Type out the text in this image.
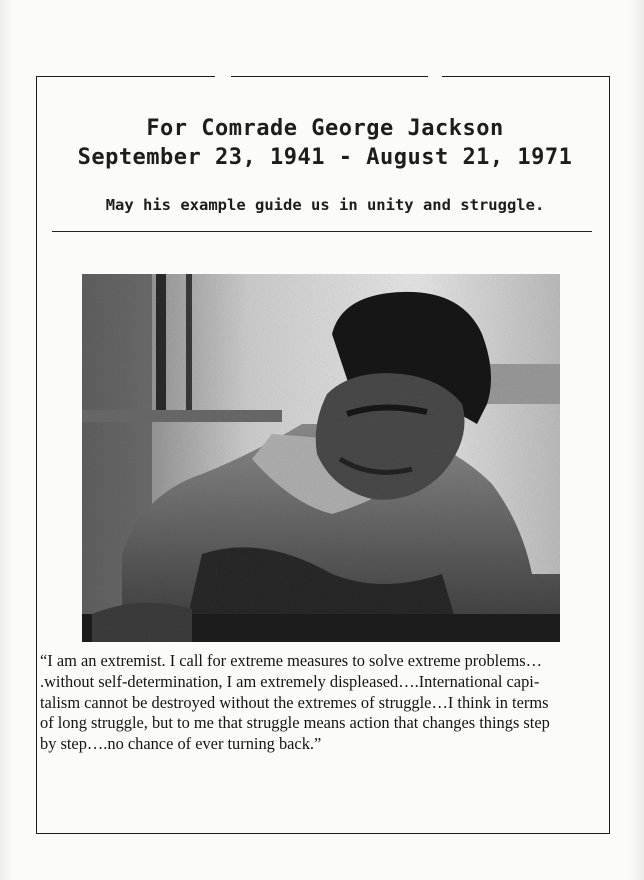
For Comrade George Jackson
September 23, 1941 - August 21, 1971
May his example guide us in unity and struggle.
“I am an extremist. I call for extreme measures to solve extreme problems…
.without self-determination, I am extremely displeased….International capi-
talism cannot be destroyed without the extremes of struggle…I think in terms
of long struggle, but to me that struggle means action that changes things step
by step….no chance of ever turning back.”
